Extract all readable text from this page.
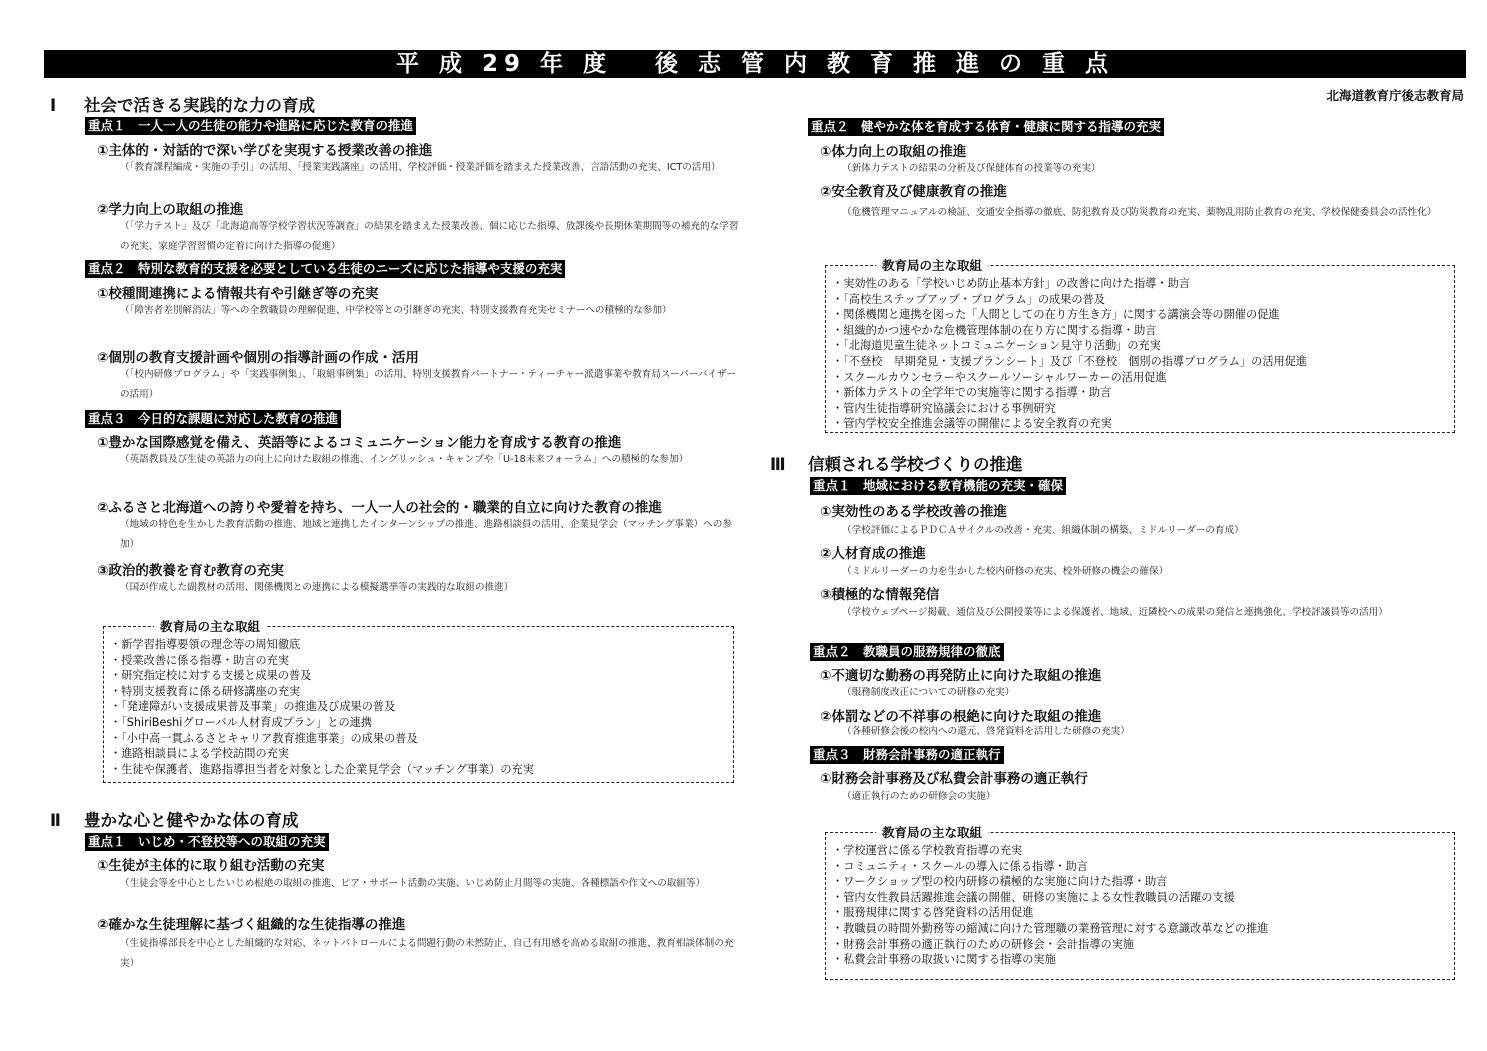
平 成 29 年 度　 後 志 管 内 教 育 推 進 の 重 点
北海道教育庁後志教育局
Ⅰ	社会で活きる実践的な力の育成
重点１　一人一人の生徒の能力や進路に応じた教育の推進
①主体的・対話的で深い学びを実現する授業改善の推進
（「教育課程編成・実施の手引」の活用、「授業実践講座」の活用、学校評価・授業評価を踏まえた授業改善、言語活動の充実、ICTの活用）
②学力向上の取組の推進
（「学力テスト」及び「北海道高等学校学習状況等調査」の結果を踏まえた授業改善、個に応じた指導、放課後や長期休業期間等の補充的な学習の充実、家庭学習習慣の定着に向けた指導の促進）
重点２　特別な教育的支援を必要としている生徒のニーズに応じた指導や支援の充実
①校種間連携による情報共有や引継ぎ等の充実
（「障害者差別解消法」等への全教職員の理解促進、中学校等との引継ぎの充実、特別支援教育充実セミナーへの積極的な参加）
②個別の教育支援計画や個別の指導計画の作成・活用
（「校内研修プログラム」や「実践事例集」、「取組事例集」の活用、特別支援教育パートナー・ティーチャー派遣事業や教育局スーパーバイザーの活用）
重点３　今日的な課題に対応した教育の推進
①豊かな国際感覚を備え、英語等によるコミュニケーション能力を育成する教育の推進
（英語教員及び生徒の英語力の向上に向けた取組の推進、イングリッシュ・キャンプや「U-18未来フォーラム」への積極的な参加）
②ふるさと北海道への誇りや愛着を持ち、一人一人の社会的・職業的自立に向けた教育の推進
（地域の特色を生かした教育活動の推進、地域と連携したインターンシップの推進、進路相談員の活用、企業見学会（マッチング事業）への参加）
③政治的教養を育む教育の充実
（国が作成した副教材の活用、関係機関との連携による模擬選挙等の実践的な取組の推進）
教育局の主な取組
・ 新学習指導要領の理念等の周知徹底
・ 授業改善に係る指導・助言の充実
・ 研究指定校に対する支援と成果の普及
・ 特別支援教育に係る研修講座の充実
・ 「発達障がい支援成果普及事業」の推進及び成果の普及
・ 「ShiriBeshiグローバル人材育成プラン」との連携
・ 「小中高一貫ふるさとキャリア教育推進事業」の成果の普及
・ 進路相談員による学校訪問の充実
・ 生徒や保護者、進路指導担当者を対象とした企業見学会（マッチング事業）の充実
Ⅱ	豊かな心と健やかな体の育成
重点１　いじめ・不登校等への取組の充実
①生徒が主体的に取り組む活動の充実
（生徒会等を中心としたいじめ根絶の取組の推進、ピア・サポート活動の実施、いじめ防止月間等の実施、各種標語や作文への取組等）
②確かな生徒理解に基づく組織的な生徒指導の推進
（生徒指導部長を中心とした組織的な対応、ネットパトロールによる問題行動の未然防止、自己有用感を高める取組の推進、教育相談体制の充実）
重点２　健やかな体を育成する体育・健康に関する指導の充実
①体力向上の取組の推進
（新体力テストの結果の分析及び保健体育の授業等の充実）
②安全教育及び健康教育の推進
（危機管理マニュアルの検証、交通安全指導の徹底、防犯教育及び防災教育の充実、薬物乱用防止教育の充実、学校保健委員会の活性化）
教育局の主な取組
・ 実効性のある「学校いじめ防止基本方針」の改善に向けた指導・助言
・ 「高校生ステップアップ・プログラム」の成果の普及
・ 関係機関と連携を図った「人間としての在り方生き方」に関する講演会等の開催の促進
・ 組織的かつ速やかな危機管理体制の在り方に関する指導・助言
・ 「北海道児童生徒ネットコミュニケーション見守り活動」の充実
・ 「不登校　早期発見・支援プランシート」及び「不登校　個別の指導プログラム」の活用促進
・ スクールカウンセラーやスクールソーシャルワーカーの活用促進
・ 新体力テストの全学年での実施等に関する指導・助言
・ 管内生徒指導研究協議会における事例研究
・ 管内学校安全推進会議等の開催による安全教育の充実
Ⅲ	信頼される学校づくりの推進
重点１　地域における教育機能の充実・確保
①実効性のある学校改善の推進
（学校評価によるＰＤＣＡサイクルの改善・充実、組織体制の構築、ミドルリーダーの育成）
②人材育成の推進
（ミドルリーダーの力を生かした校内研修の充実、校外研修の機会の確保）
③積極的な情報発信
（学校ウェブページ掲載、通信及び公開授業等による保護者、地域、近隣校への成果の発信と連携強化、学校評議員等の活用）
重点２　教職員の服務規律の徹底
①不適切な勤務の再発防止に向けた取組の推進
（服務制度改正についての研修の充実）
②体罰などの不祥事の根絶に向けた取組の推進
（各種研修会後の校内への還元、啓発資料を活用した研修の充実）
重点３　財務会計事務の適正執行
①財務会計事務及び私費会計事務の適正執行
（適正執行のための研修会の実施）
教育局の主な取組
・ 学校運営に係る学校教育指導の充実
・ コミュニティ・スクールの導入に係る指導・助言
・ ワークショップ型の校内研修の積極的な実施に向けた指導・助言
・ 管内女性教員活躍推進会議の開催、研修の実施による女性教職員の活躍の支援
・ 服務規律に関する啓発資料の活用促進
・ 教職員の時間外勤務等の縮減に向けた管理職の業務管理に対する意識改革などの推進
・ 財務会計事務の適正執行のための研修会・会計指導の実施
・ 私費会計事務の取扱いに関する指導の実施
